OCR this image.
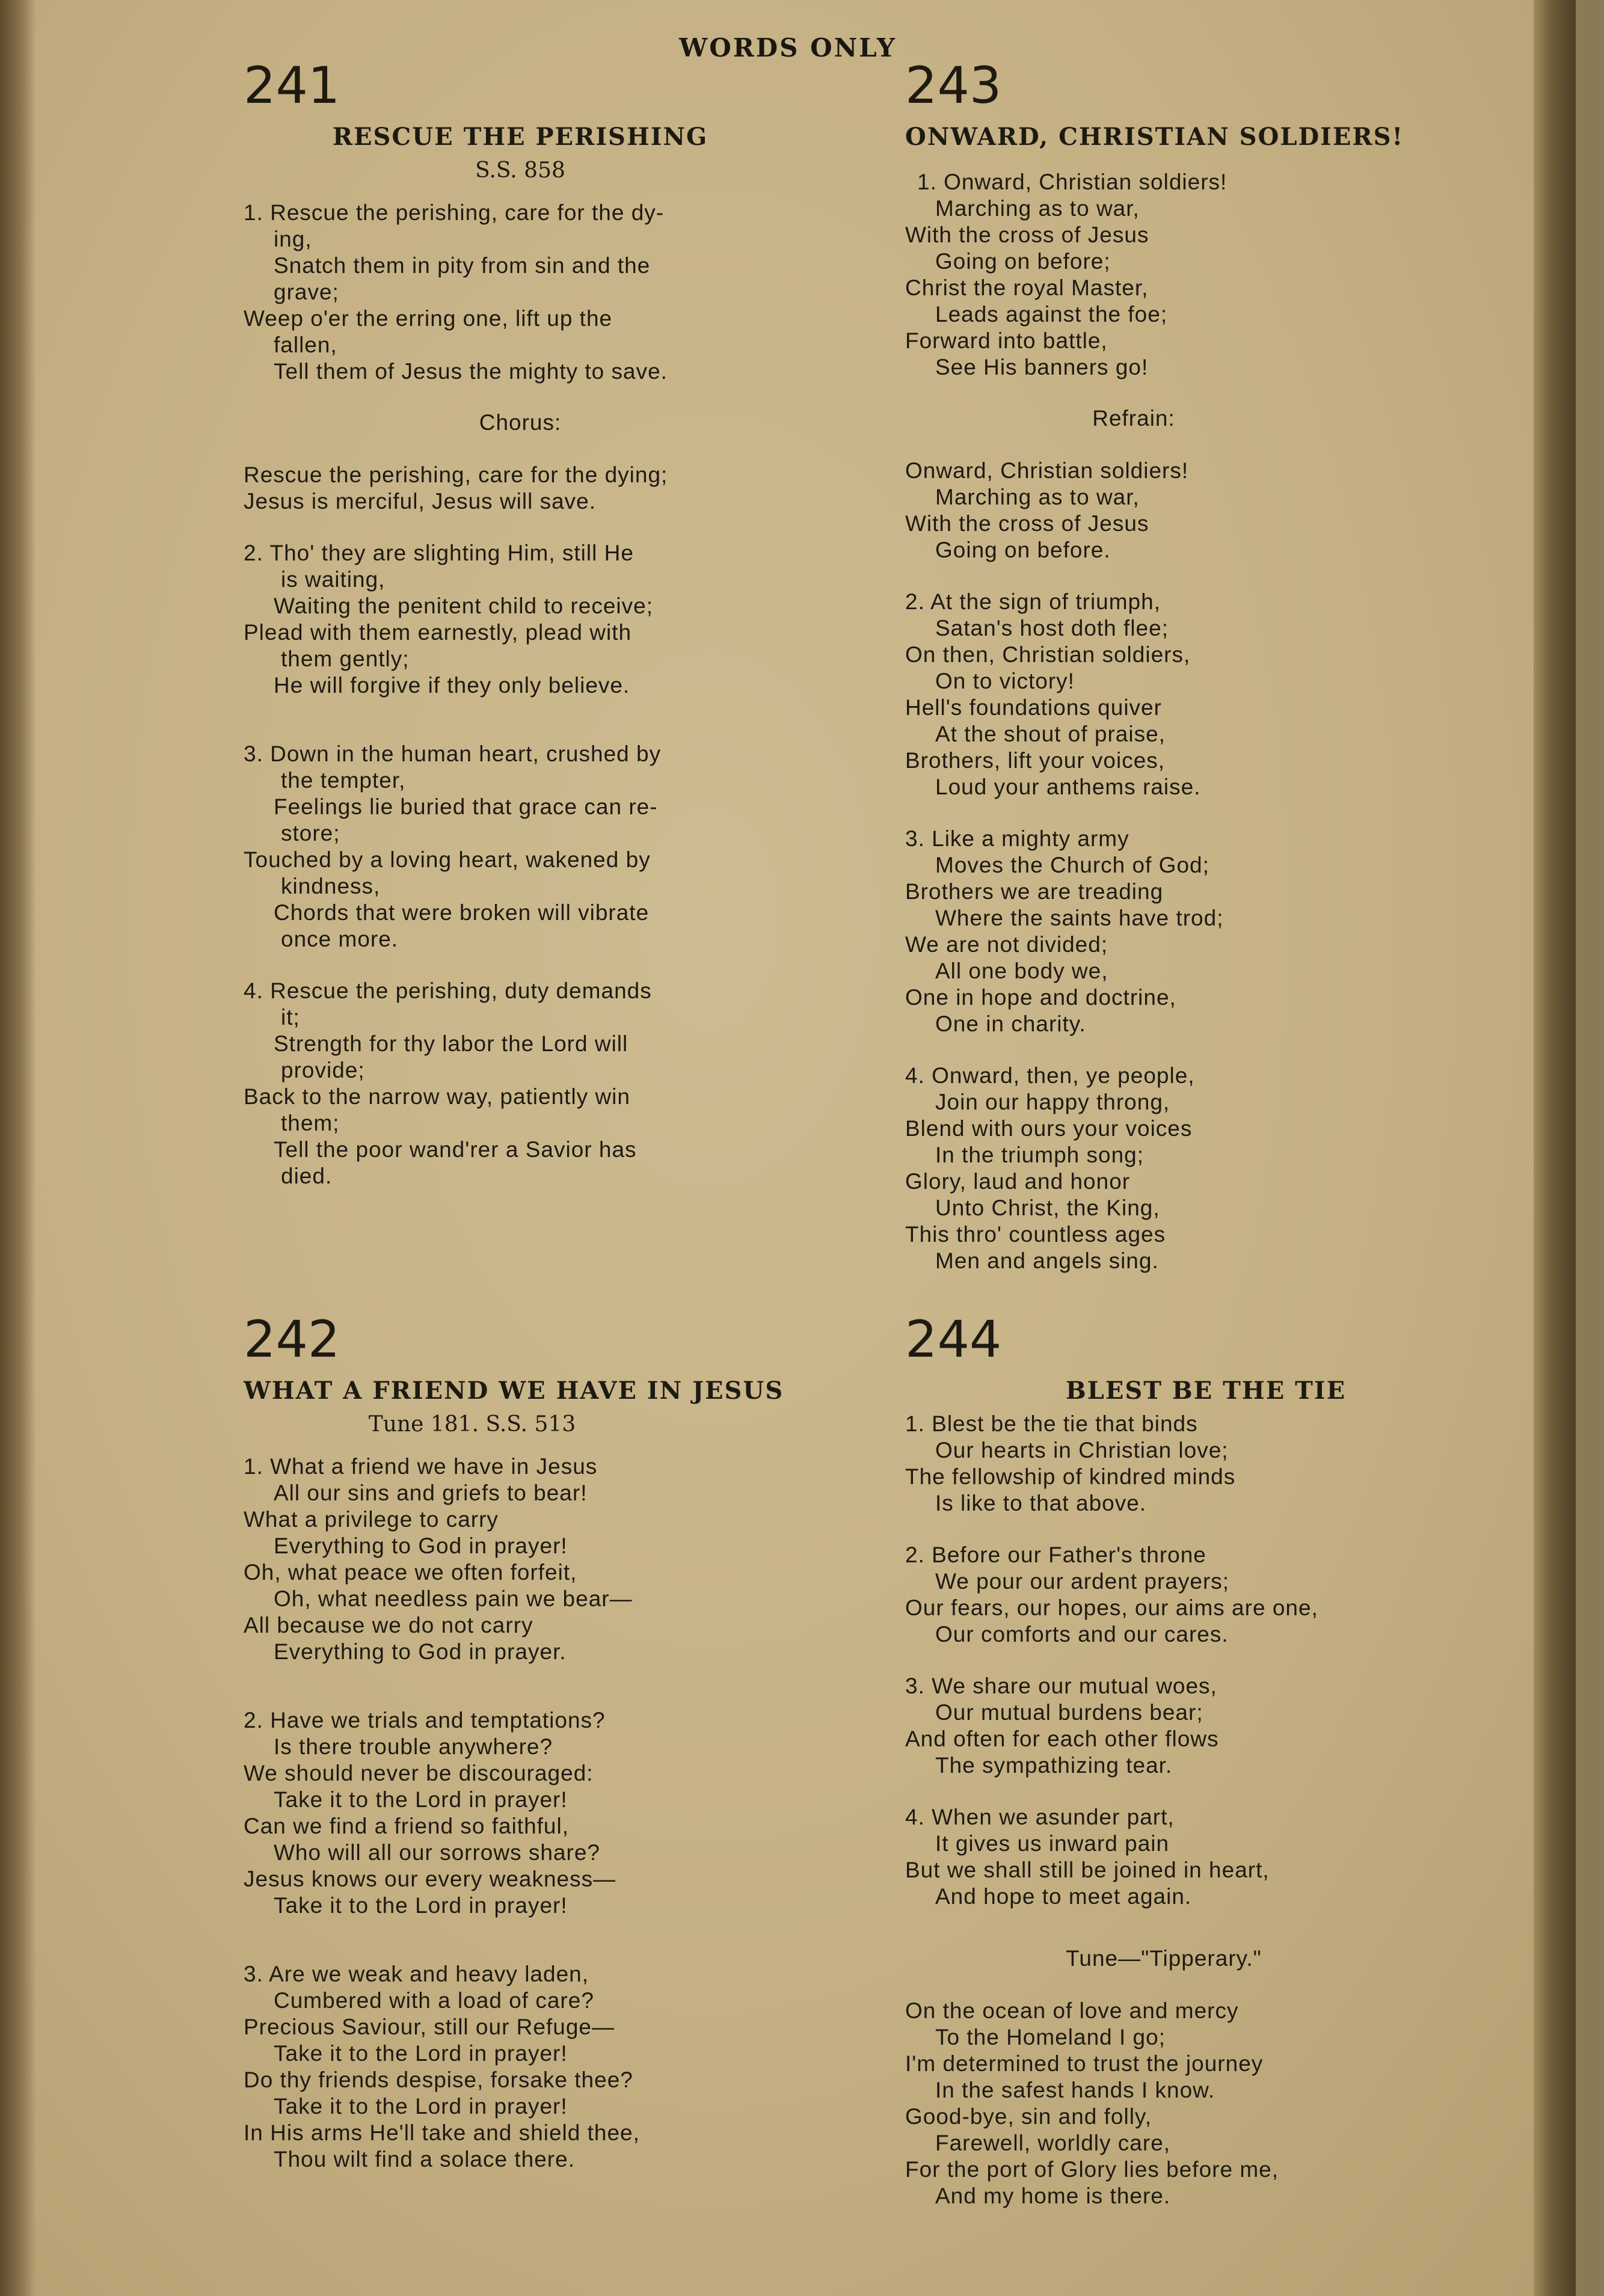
WORDS ONLY
241
RESCUE THE PERISHING
S.S. 858
1. Rescue the perishing, care for the dy-
ing,
Snatch them in pity from sin and the
grave;
Weep o'er the erring one, lift up the
fallen,
Tell them of Jesus the mighty to save.
Chorus:
Rescue the perishing, care for the dying;
Jesus is merciful, Jesus will save.
2. Tho' they are slighting Him, still He
is waiting,
Waiting the penitent child to receive;
Plead with them earnestly, plead with
them gently;
He will forgive if they only believe.
3. Down in the human heart, crushed by
the tempter,
Feelings lie buried that grace can re-
store;
Touched by a loving heart, wakened by
kindness,
Chords that were broken will vibrate
once more.
4. Rescue the perishing, duty demands
it;
Strength for thy labor the Lord will
provide;
Back to the narrow way, patiently win
them;
Tell the poor wand'rer a Savior has
died.
243
ONWARD, CHRISTIAN SOLDIERS!
1. Onward, Christian soldiers!
Marching as to war,
With the cross of Jesus
Going on before;
Christ the royal Master,
Leads against the foe;
Forward into battle,
See His banners go!
Refrain:
Onward, Christian soldiers!
Marching as to war,
With the cross of Jesus
Going on before.
2. At the sign of triumph,
Satan's host doth flee;
On then, Christian soldiers,
On to victory!
Hell's foundations quiver
At the shout of praise,
Brothers, lift your voices,
Loud your anthems raise.
3. Like a mighty army
Moves the Church of God;
Brothers we are treading
Where the saints have trod;
We are not divided;
All one body we,
One in hope and doctrine,
One in charity.
4. Onward, then, ye people,
Join our happy throng,
Blend with ours your voices
In the triumph song;
Glory, laud and honor
Unto Christ, the King,
This thro' countless ages
Men and angels sing.
242
WHAT A FRIEND WE HAVE IN JESUS
Tune 181. S.S. 513
1. What a friend we have in Jesus
All our sins and griefs to bear!
What a privilege to carry
Everything to God in prayer!
Oh, what peace we often forfeit,
Oh, what needless pain we bear—
All because we do not carry
Everything to God in prayer.
2. Have we trials and temptations?
Is there trouble anywhere?
We should never be discouraged:
Take it to the Lord in prayer!
Can we find a friend so faithful,
Who will all our sorrows share?
Jesus knows our every weakness—
Take it to the Lord in prayer!
3. Are we weak and heavy laden,
Cumbered with a load of care?
Precious Saviour, still our Refuge—
Take it to the Lord in prayer!
Do thy friends despise, forsake thee?
Take it to the Lord in prayer!
In His arms He'll take and shield thee,
Thou wilt find a solace there.
244
BLEST BE THE TIE
1. Blest be the tie that binds
Our hearts in Christian love;
The fellowship of kindred minds
Is like to that above.
2. Before our Father's throne
We pour our ardent prayers;
Our fears, our hopes, our aims are one,
Our comforts and our cares.
3. We share our mutual woes,
Our mutual burdens bear;
And often for each other flows
The sympathizing tear.
4. When we asunder part,
It gives us inward pain
But we shall still be joined in heart,
And hope to meet again.
Tune—"Tipperary."
On the ocean of love and mercy
To the Homeland I go;
I'm determined to trust the journey
In the safest hands I know.
Good-bye, sin and folly,
Farewell, worldly care,
For the port of Glory lies before me,
And my home is there.
